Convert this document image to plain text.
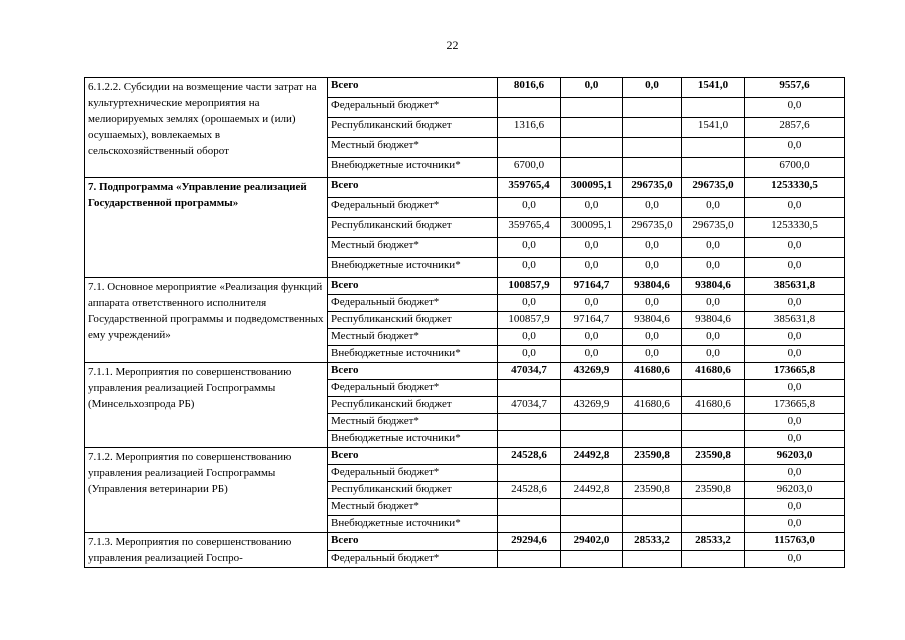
22
6.1.2.2. Субсидии на возмещение части затрат на культуртехнические мероприятия на мелиорируемых землях (орошаемых и (или) осушаемых), вовлекаемых в сельскохозяйственный оборот	Всего	8016,6	0,0	0,0	1541,0	9557,6
	Федеральный бюджет*					0,0
	Республиканский бюджет	1316,6			1541,0	2857,6
	Местный бюджет*					0,0
	Внебюджетные источники*	6700,0				6700,0
7. Подпрограмма «Управление реализацией Государственной программы»	Всего	359765,4	300095,1	296735,0	296735,0	1253330,5
	Федеральный бюджет*	0,0	0,0	0,0	0,0	0,0
	Республиканский бюджет	359765,4	300095,1	296735,0	296735,0	1253330,5
	Местный бюджет*	0,0	0,0	0,0	0,0	0,0
	Внебюджетные источники*	0,0	0,0	0,0	0,0	0,0
7.1. Основное мероприятие «Реализация функций аппарата ответственного исполнителя Государственной программы и подведомственных ему учреждений»	Всего	100857,9	97164,7	93804,6	93804,6	385631,8
	Федеральный бюджет*	0,0	0,0	0,0	0,0	0,0
	Республиканский бюджет	100857,9	97164,7	93804,6	93804,6	385631,8
	Местный бюджет*	0,0	0,0	0,0	0,0	0,0
	Внебюджетные источники*	0,0	0,0	0,0	0,0	0,0
7.1.1. Мероприятия по совершенствованию управления реализацией Госпрограммы (Минсельхозпрода РБ)	Всего	47034,7	43269,9	41680,6	41680,6	173665,8
	Федеральный бюджет*					0,0
	Республиканский бюджет	47034,7	43269,9	41680,6	41680,6	173665,8
	Местный бюджет*					0,0
	Внебюджетные источники*					0,0
7.1.2. Мероприятия по совершенствованию управления реализацией Госпрограммы (Управления ветеринарии РБ)	Всего	24528,6	24492,8	23590,8	23590,8	96203,0
	Федеральный бюджет*					0,0
	Республиканский бюджет	24528,6	24492,8	23590,8	23590,8	96203,0
	Местный бюджет*					0,0
	Внебюджетные источники*					0,0
7.1.3. Мероприятия по совершенствованию управления реализацией Госпро-	Всего	29294,6	29402,0	28533,2	28533,2	115763,0
	Федеральный бюджет*					0,0
